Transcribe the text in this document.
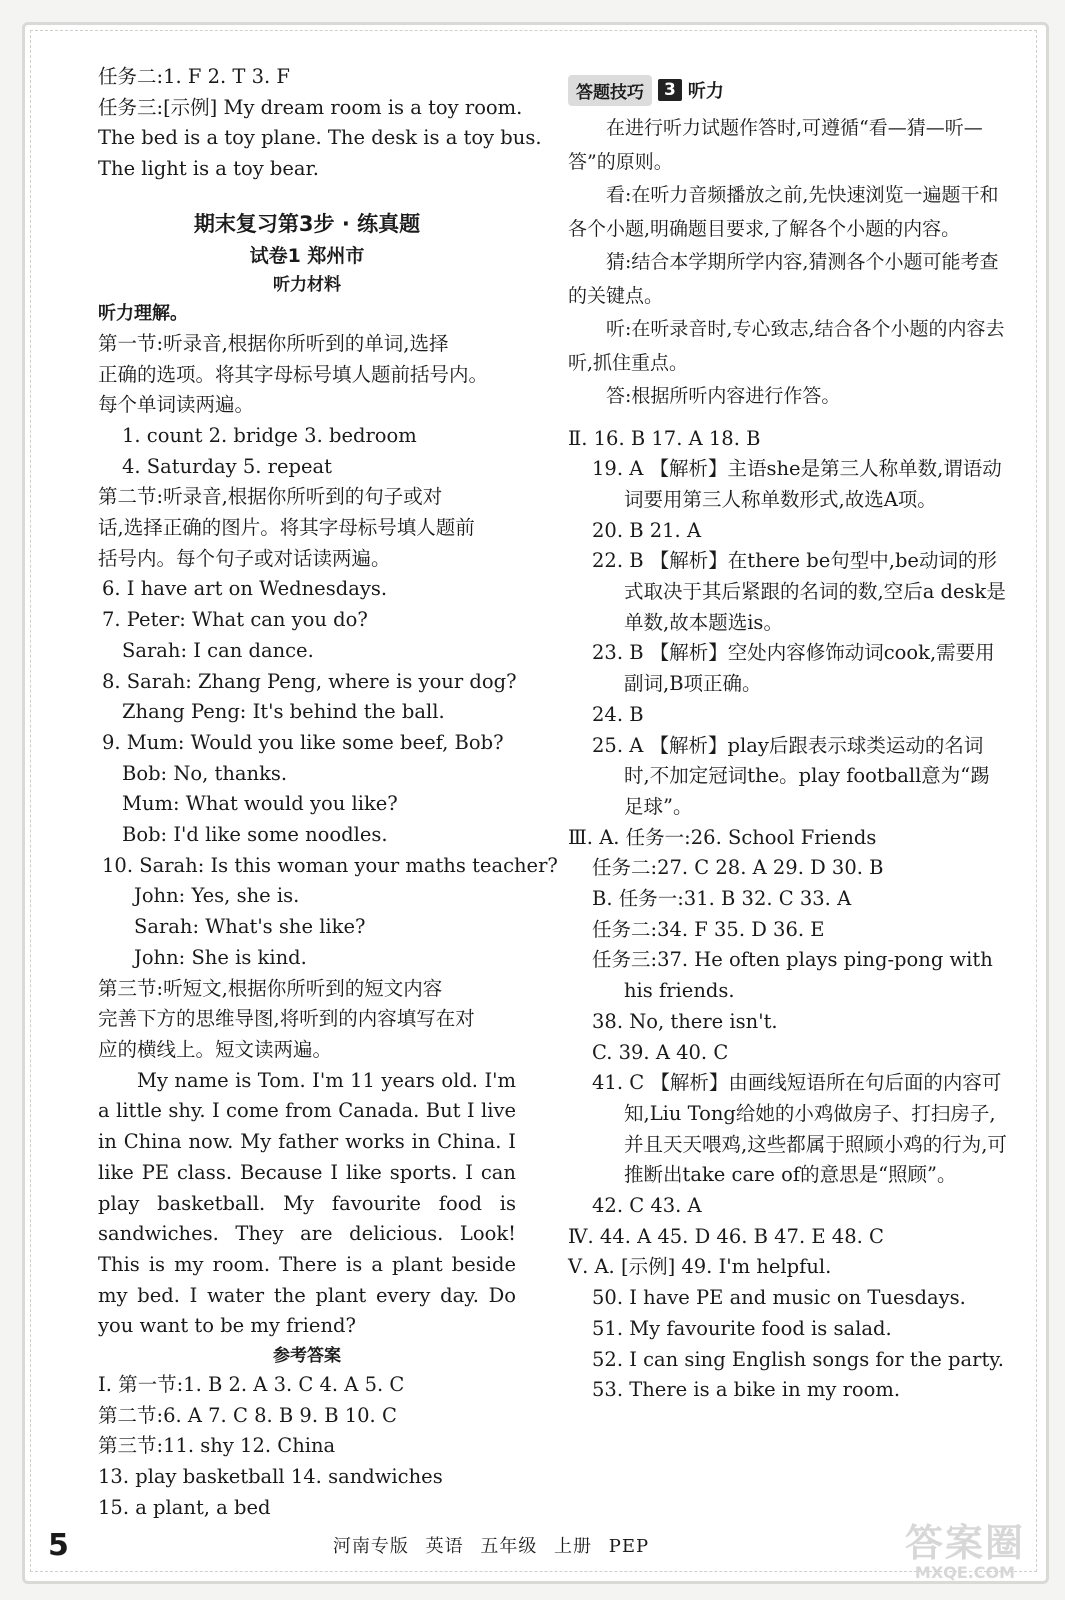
任务二:1. F 2. T 3. F
任务三:[示例] My dream room is a toy room.
The bed is a toy plane. The desk is a toy bus.
The light is a toy bear.
期末复习第3步 · 练真题
试卷1 郑州市
听力材料
听力理解。
第一节:听录音,根据你所听到的单词,选择
正确的选项。将其字母标号填人题前括号内。
每个单词读两遍。
1. count 2. bridge 3. bedroom
4. Saturday 5. repeat
第二节:听录音,根据你所听到的句子或对
话,选择正确的图片。将其字母标号填人题前
括号内。每个句子或对话读两遍。
6. I have art on Wednesdays.
7. Peter: What can you do?
Sarah: I can dance.
8. Sarah: Zhang Peng, where is your dog?
Zhang Peng: It's behind the ball.
9. Mum: Would you like some beef, Bob?
Bob: No, thanks.
Mum: What would you like?
Bob: I'd like some noodles.
10. Sarah: Is this woman your maths teacher?
John: Yes, she is.
Sarah: What's she like?
John: She is kind.
第三节:听短文,根据你所听到的短文内容
完善下方的思维导图,将听到的内容填写在对
应的横线上。短文读两遍。
My name is Tom. I'm 11 years old. I'm a little shy. I come from Canada. But I live in China now. My father works in China. I like PE class. Because I like sports. I can play basketball. My favourite food is sandwiches. They are delicious. Look! This is my room. There is a plant beside my bed. I water the plant every day. Do you want to be my friend?
参考答案
Ⅰ. 第一节:1. B 2. A 3. C 4. A 5. C
第二节:6. A 7. C 8. B 9. B 10. C
第三节:11. shy 12. China
13. play basketball 14. sandwiches
15. a plant, a bed
答题技巧	3 听力
在进行听力试题作答时,可遵循“看—猜—听—答”的原则。
看:在听力音频播放之前,先快速浏览一遍题干和各个小题,明确题目要求,了解各个小题的内容。
猜:结合本学期所学内容,猜测各个小题可能考查的关键点。
听:在听录音时,专心致志,结合各个小题的内容去听,抓住重点。
答:根据所听内容进行作答。
Ⅱ. 16. B 17. A 18. B
19. A 【解析】主语she是第三人称单数,谓语动词要用第三人称单数形式,故选A项。
20. B 21. A
22. B 【解析】在there be句型中,be动词的形式取决于其后紧跟的名词的数,空后a desk是单数,故本题选is。
23. B 【解析】空处内容修饰动词cook,需要用副词,B项正确。
24. B
25. A 【解析】play后跟表示球类运动的名词时,不加定冠词the。play football意为“踢足球”。
Ⅲ. A. 任务一:26. School Friends
任务二:27. C 28. A 29. D 30. B
B. 任务一:31. B 32. C 33. A
任务二:34. F 35. D 36. E
任务三:37. He often plays ping-pong with his friends.
38. No, there isn't.
C. 39. A 40. C
41. C 【解析】由画线短语所在句后面的内容可知,Liu Tong给她的小鸡做房子、打扫房子,并且天天喂鸡,这些都属于照顾小鸡的行为,可推断出take care of的意思是“照顾”。
42. C 43. A
Ⅳ. 44. A 45. D 46. B 47. E 48. C
Ⅴ. A. [示例] 49. I'm helpful.
50. I have PE and music on Tuesdays.
51. My favourite food is salad.
52. I can sing English songs for the party.
53. There is a bike in my room.
5	河南专版 英语 五年级 上册 PEP	答案圈
MXQE.COM
